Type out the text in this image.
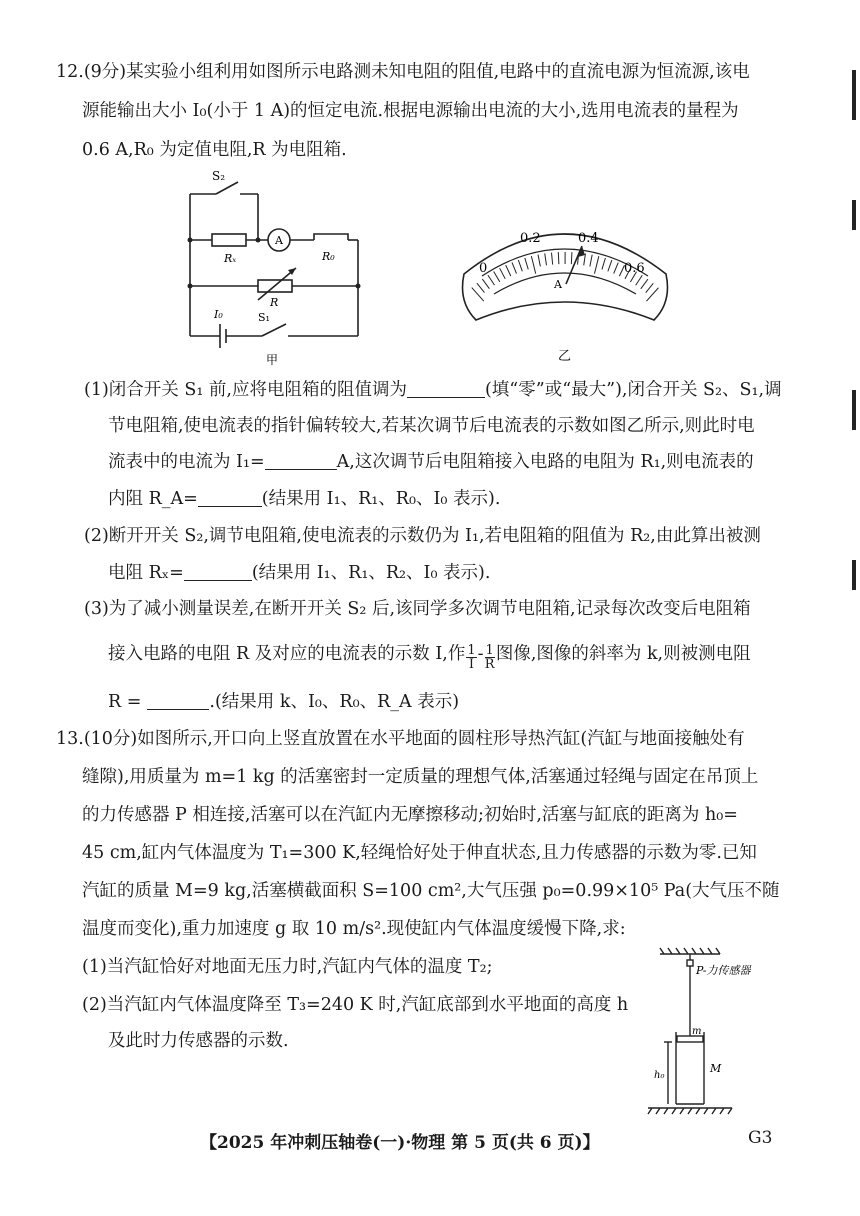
12.(9分)某实验小组利用如图所示电路测未知电阻的阻值,电路中的直流电源为恒流源,该电
源能输出大小 I₀(小于 1 A)的恒定电流.根据电源输出电流的大小,选用电流表的量程为
0.6 A,R₀ 为定值电阻,R 为电阻箱.
S₂
A
Rₓ	R₀
R
I₀	S₁
甲
0
0.2	0.4
0.6
A
乙
(1)闭合开关 S₁ 前,应将电阻箱的阻值调为	(填“零”或“最大”),闭合开关 S₂、S₁,调
节电阻箱,使电流表的指针偏转较大,若某次调节后电流表的示数如图乙所示,则此时电
流表中的电流为 I₁=	A,这次调节后电阻箱接入电路的电阻为 R₁,则电流表的
内阻 R_A=	(结果用 I₁、R₁、R₀、I₀ 表示).
(2)断开开关 S₂,调节电阻箱,使电流表的示数仍为 I₁,若电阻箱的阻值为 R₂,由此算出被测
电阻 Rₓ=	(结果用 I₁、R₁、R₂、I₀ 表示).
(3)为了减小测量误差,在断开开关 S₂ 后,该同学多次调节电阻箱,记录每次改变后电阻箱
接入电路的电阻 R 及对应的电流表的示数 I,作 $\frac{1}{I} - \frac{1}{R}$ 图像,图像的斜率为 k,则被测电阻
R =	.(结果用 k、I₀、R₀、R_A 表示)
13.(10分)如图所示,开口向上竖直放置在水平地面的圆柱形导热汽缸(汽缸与地面接触处有
缝隙),用质量为 m=1 kg 的活塞密封一定质量的理想气体,活塞通过轻绳与固定在吊顶上
的力传感器 P 相连接,活塞可以在汽缸内无摩擦移动;初始时,活塞与缸底的距离为 h₀=
45 cm,缸内气体温度为 T₁=300 K,轻绳恰好处于伸直状态,且力传感器的示数为零.已知
汽缸的质量 M=9 kg,活塞横截面积 S=100 cm²,大气压强 p₀=0.99×10⁵ Pa(大气压不随
温度而变化),重力加速度 g 取 10 m/s².现使缸内气体温度缓慢下降,求:
(1)当汽缸恰好对地面无压力时,汽缸内气体的温度 T₂;
(2)当汽缸内气体温度降至 T₃=240 K 时,汽缸底部到水平地面的高度 h
及此时力传感器的示数.
P-力传感器
m
M
h₀
【2025 年冲刺压轴卷(一)·物理 第 5 页(共 6 页)】	G3
